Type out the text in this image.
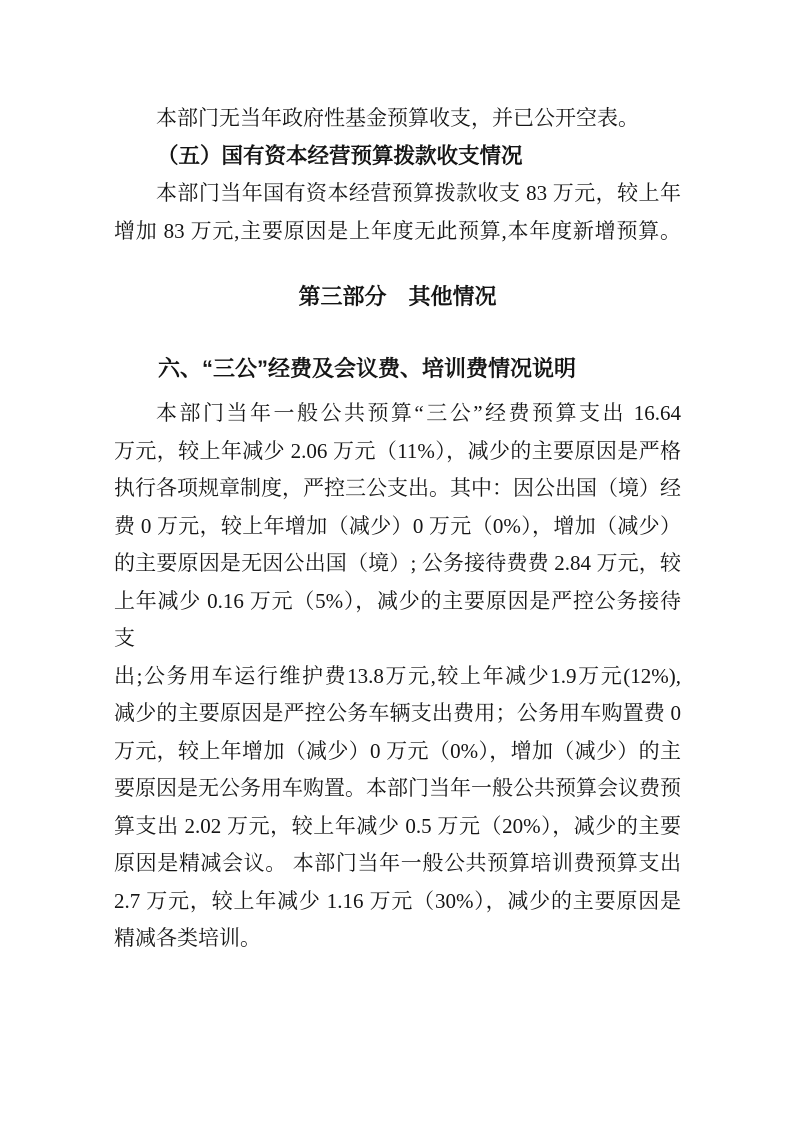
本部门无当年政府性基金预算收支，并已公开空表。
（五）国有资本经营预算拨款收支情况
本部门当年国有资本经营预算拨款收支 83 万元，较上年
增加 83 万元,主要原因是上年度无此预算,本年度新增预算。
第三部分　其他情况
六、“三公”经费及会议费、培训费情况说明
本部门当年一般公共预算“三公”经费预算支出 16.64
万元，较上年减少 2.06 万元（11%），减少的主要原因是严格
执行各项规章制度，严控三公支出。其中：因公出国（境）经
费 0 万元，较上年增加（减少）0 万元（0%），增加（减少）
的主要原因是无因公出国（境）; 公务接待费费 2.84 万元，较
上年减少 0.16 万元（5%），减少的主要原因是严控公务接待支
出;公务用车运行维护费13.8万元,较上年减少1.9万元(12%),
减少的主要原因是严控公务车辆支出费用；公务用车购置费 0
万元，较上年增加（减少）0 万元（0%），增加（减少）的主
要原因是无公务用车购置。本部门当年一般公共预算会议费预
算支出 2.02 万元，较上年减少 0.5 万元（20%），减少的主要
原因是精减会议。 本部门当年一般公共预算培训费预算支出
2.7 万元，较上年减少 1.16 万元（30%），减少的主要原因是
精减各类培训。
